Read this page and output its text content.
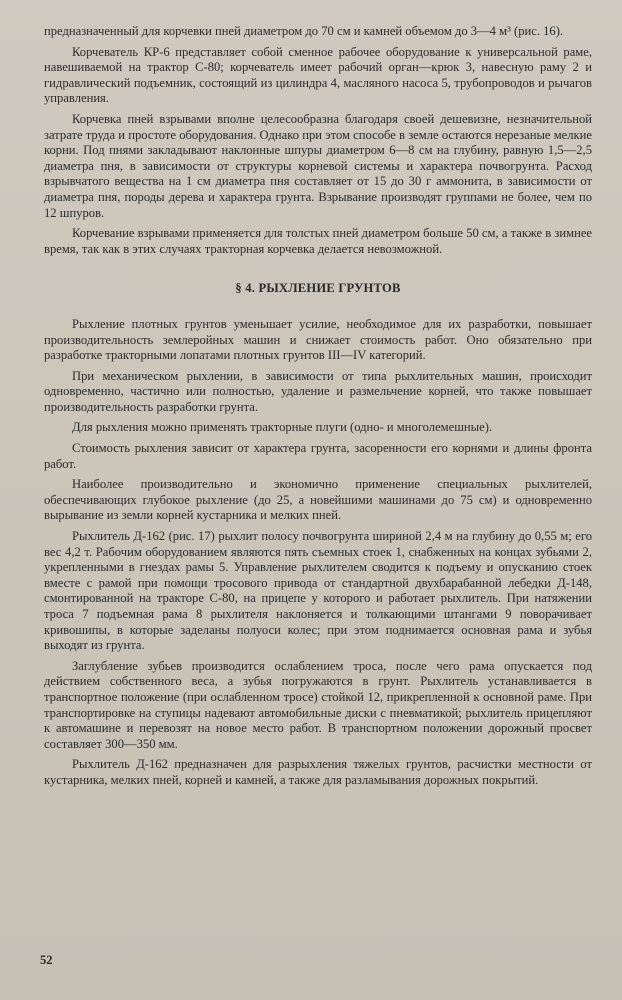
предназначенный для корчевки пней диаметром до 70 см и камней объемом до 3—4 м³ (рис. 16).

Корчеватель КР-6 представляет собой сменное рабочее оборудование к универсальной раме, навешиваемой на трактор С-80; корчеватель имеет рабочий орган—крюк 3, навесную раму 2 и гидравлический подъемник, состоящий из цилиндра 4, масляного насоса 5, трубопроводов и рычагов управления.

Корчевка пней взрывами вполне целесообразна благодаря своей дешевизне, незначительной затрате труда и простоте оборудования. Однако при этом способе в земле остаются нерезаные мелкие корни. Под пнями закладывают наклонные шпуры диаметром 6—8 см на глубину, равную 1,5—2,5 диаметра пня, в зависимости от структуры корневой системы и характера почвогрунта. Расход взрывчатого вещества на 1 см диаметра пня составляет от 15 до 30 г аммонита, в зависимости от диаметра пня, породы дерева и характера грунта. Взрывание производят группами не более, чем по 12 шпуров.

Корчевание взрывами применяется для толстых пней диаметром больше 50 см, а также в зимнее время, так как в этих случаях тракторная корчевка делается невозможной.

§ 4. РЫХЛЕНИЕ ГРУНТОВ

Рыхление плотных грунтов уменьшает усилие, необходимое для их разработки, повышает производительность землеройных машин и снижает стоимость работ. Оно обязательно при разработке тракторными лопатами плотных грунтов III—IV категорий.

При механическом рыхлении, в зависимости от типа рыхлительных машин, происходит одновременно, частично или полностью, удаление и размельчение корней, что также повышает производительность разработки грунта.

Для рыхления можно применять тракторные плуги (одно- и многолемешные).

Стоимость рыхления зависит от характера грунта, засоренности его корнями и длины фронта работ.

Наиболее производительно и экономично применение специальных рыхлителей, обеспечивающих глубокое рыхление (до 25, а новейшими машинами до 75 см) и одновременно вырывание из земли корней кустарника и мелких пней.

Рыхлитель Д-162 (рис. 17) рыхлит полосу почвогрунта шириной 2,4 м на глубину до 0,55 м; его вес 4,2 т. Рабочим оборудованием являются пять съемных стоек 1, снабженных на концах зубьями 2, укрепленными в гнездах рамы 5. Управление рыхлителем сводится к подъему и опусканию стоек вместе с рамой при помощи тросового привода от стандартной двухбарабанной лебедки Д-148, смонтированной на тракторе С-80, на прицепе у которого и работает рыхлитель. При натяжении троса 7 подъемная рама 8 рыхлителя наклоняется и толкающими штангами 9 поворачивает кривошипы, в которые заделаны полуоси колес; при этом поднимается основная рама и зубья выходят из грунта.

Заглубление зубьев производится ослаблением троса, после чего рама опускается под действием собственного веса, а зубья погружаются в грунт. Рыхлитель устанавливается в транспортное положение (при ослабленном тросе) стойкой 12, прикрепленной к основной раме. При транспортировке на ступицы надевают автомобильные диски с пневматикой; рыхлитель прицепляют к автомашине и перевозят на новое место работ. В транспортном положении дорожный просвет составляет 300—350 мм.

Рыхлитель Д-162 предназначен для разрыхления тяжелых грунтов, расчистки местности от кустарника, мелких пней, корней и камней, а также для разламывания дорожных покрытий.

52
